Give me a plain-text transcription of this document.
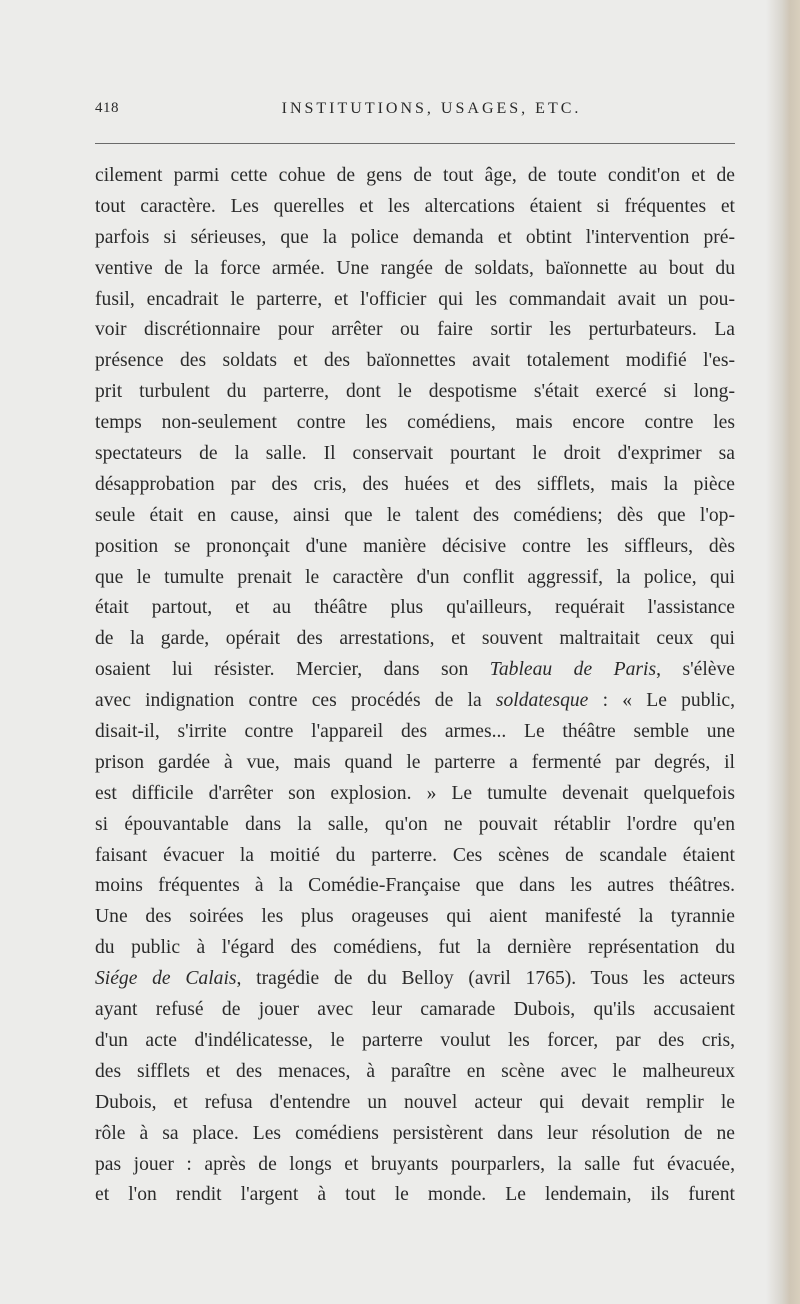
418	INSTITUTIONS, USAGES, ETC.
cilement parmi cette cohue de gens de tout âge, de toute condit'on et de
tout caractère. Les querelles et les altercations étaient si fréquentes et
parfois si sérieuses, que la police demanda et obtint l'intervention pré-
ventive de la force armée. Une rangée de soldats, baïonnette au bout du
fusil, encadrait le parterre, et l'officier qui les commandait avait un pou-
voir discrétionnaire pour arrêter ou faire sortir les perturbateurs. La
présence des soldats et des baïonnettes avait totalement modifié l'es-
prit turbulent du parterre, dont le despotisme s'était exercé si long-
temps non-seulement contre les comédiens, mais encore contre les
spectateurs de la salle. Il conservait pourtant le droit d'exprimer sa
désapprobation par des cris, des huées et des sifflets, mais la pièce
seule était en cause, ainsi que le talent des comédiens; dès que l'op-
position se prononçait d'une manière décisive contre les siffleurs, dès
que le tumulte prenait le caractère d'un conflit aggressif, la police, qui
était partout, et au théâtre plus qu'ailleurs, requérait l'assistance
de la garde, opérait des arrestations, et souvent maltraitait ceux qui
osaient lui résister. Mercier, dans son Tableau de Paris, s'élève
avec indignation contre ces procédés de la soldatesque : « Le public,
disait-il, s'irrite contre l'appareil des armes... Le théâtre semble une
prison gardée à vue, mais quand le parterre a fermenté par degrés, il
est difficile d'arrêter son explosion. » Le tumulte devenait quelquefois
si épouvantable dans la salle, qu'on ne pouvait rétablir l'ordre qu'en
faisant évacuer la moitié du parterre. Ces scènes de scandale étaient
moins fréquentes à la Comédie-Française que dans les autres théâtres.
Une des soirées les plus orageuses qui aient manifesté la tyrannie
du public à l'égard des comédiens, fut la dernière représentation du
Siége de Calais, tragédie de du Belloy (avril 1765). Tous les acteurs
ayant refusé de jouer avec leur camarade Dubois, qu'ils accusaient
d'un acte d'indélicatesse, le parterre voulut les forcer, par des cris,
des sifflets et des menaces, à paraître en scène avec le malheureux
Dubois, et refusa d'entendre un nouvel acteur qui devait remplir le
rôle à sa place. Les comédiens persistèrent dans leur résolution de ne
pas jouer : après de longs et bruyants pourparlers, la salle fut évacuée,
et l'on rendit l'argent à tout le monde. Le lendemain, ils furent
